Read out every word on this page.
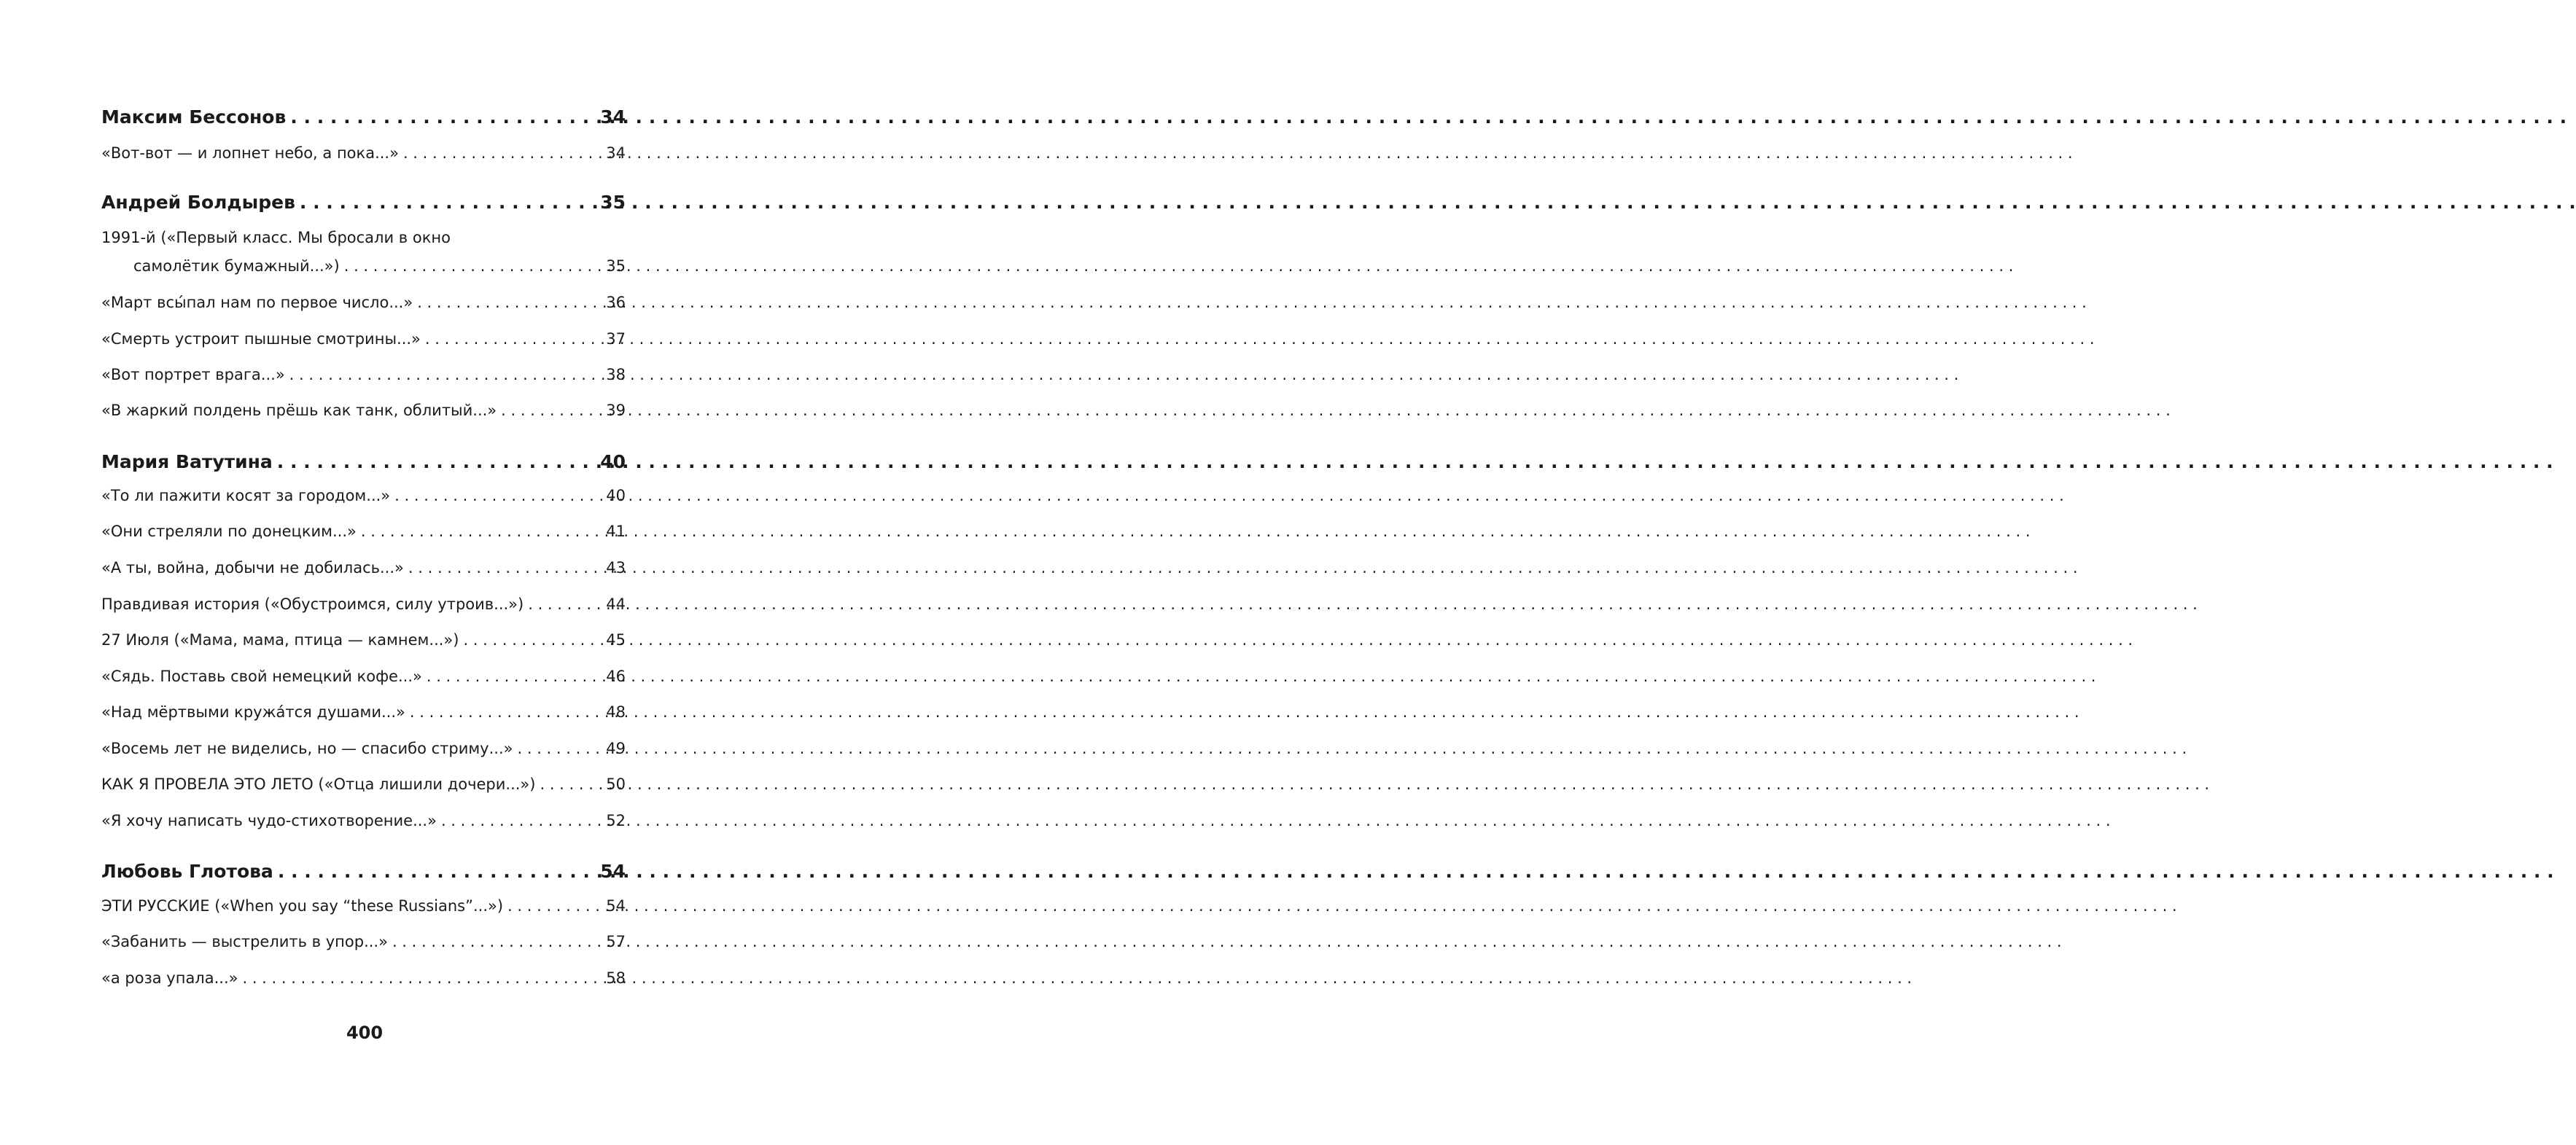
Максим Бессонов . . .	34
«Вот-вот — и лопнет небо, а пока...» . . .	34
Андрей Болдырев . . .	35
1991-й («Первый класс. Мы бросали в окно
самолётик бумажный...») . . .	35
«Март всы́пал нам по первое число...» . . .	36
«Смерть устроит пышные смотрины...» . . .	37
«Вот портрет врага...» . . .	38
«В жаркий полдень прёшь как танк, облитый...» . . .	39
Мария Ватутина . . .	40
«То ли пажити косят за городом...» . . .	40
«Они стреляли по донецким...» . . .	41
«А ты, война, добычи не добилась...» . . .	43
Правдивая история («Обустроимся, силу утроив...») . . .	44
27 Июля («Мама, мама, птица — камнем...») . . .	45
«Сядь. Поставь свой немецкий кофе...» . . .	46
«Над мёртвыми кружа́тся душами...» . . .	48
«Восемь лет не виделись, но — спасибо стриму...» . . .	49
КАК Я ПРОВЕЛА ЭТО ЛЕТО («Отца лишили дочери...») . . .	50
«Я хочу написать чудо-стихотворение...» . . .	52
Любовь Глотова . . .	54
ЭТИ РУССКИЕ («When you say “these Russians”...») . . .	54
«Забанить — выстрелить в упор...» . . .	57
«а роза упала...» . . .	58
400
